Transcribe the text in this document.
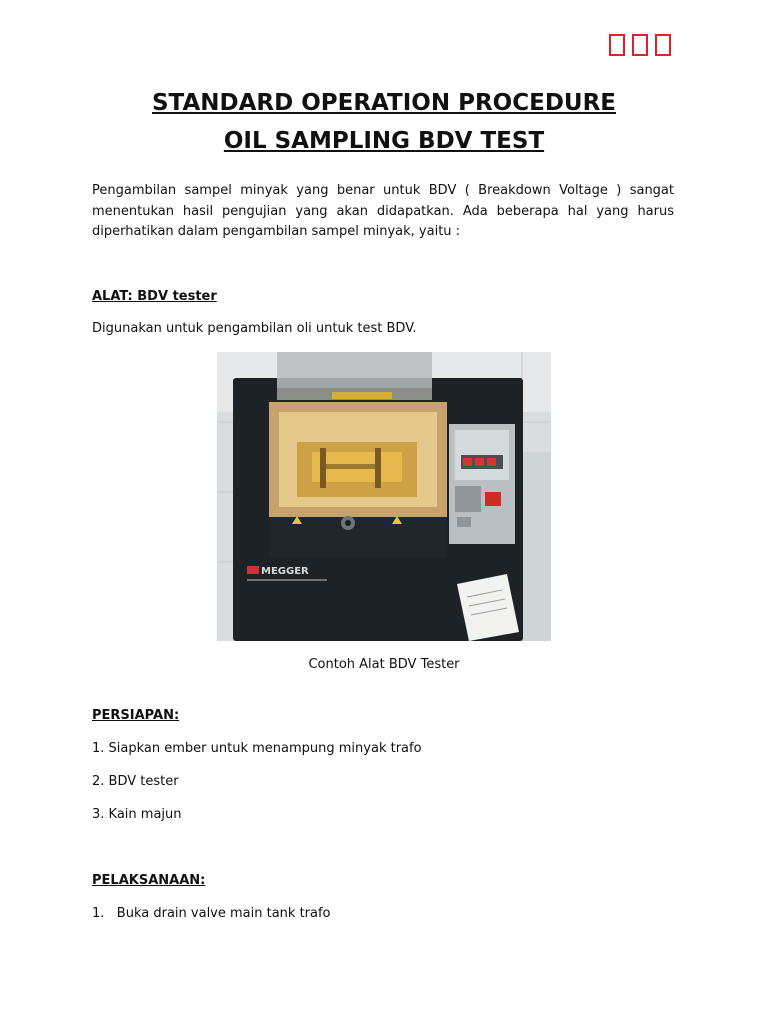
STANDARD OPERATION PROCEDURE
OIL SAMPLING BDV TEST
Pengambilan sampel minyak yang benar untuk BDV ( Breakdown Voltage ) sangat menentukan hasil pengujian yang akan didapatkan. Ada beberapa hal yang harus diperhatikan dalam pengambilan sampel minyak, yaitu :
ALAT: BDV tester
Digunakan untuk pengambilan oli untuk test BDV.
MEGGER
Contoh Alat BDV Tester
PERSIAPAN:
1. Siapkan ember untuk menampung minyak trafo
2. BDV tester
3. Kain majun
PELAKSANAAN:
1.   Buka drain valve main tank trafo
